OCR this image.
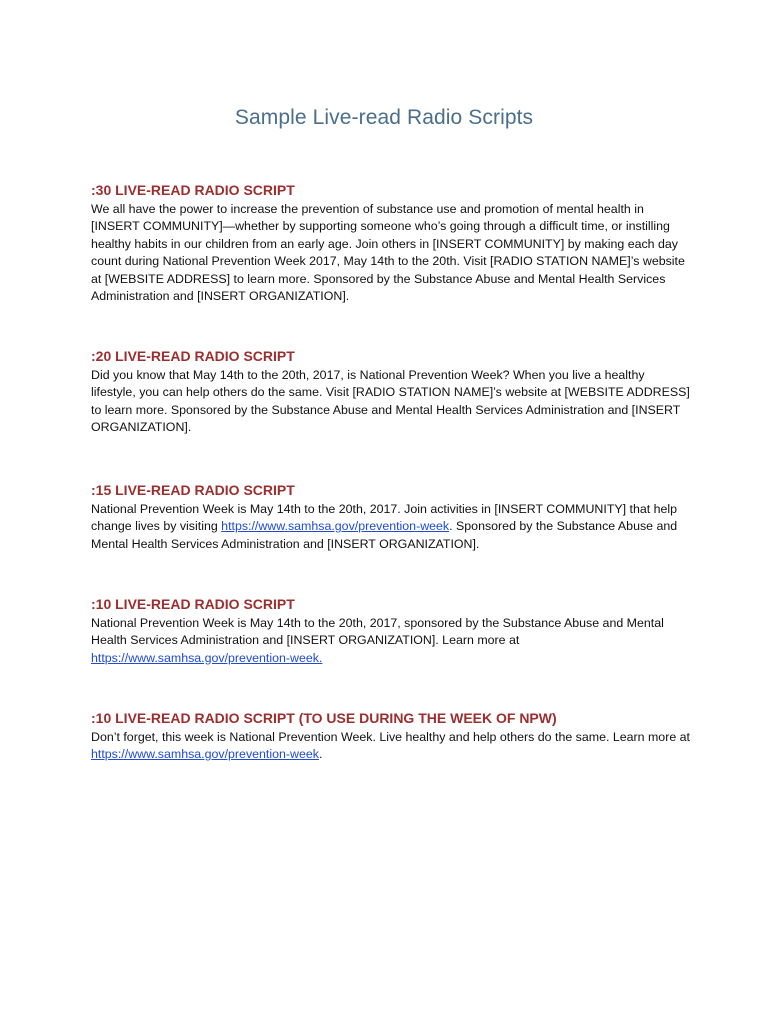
Sample Live-read Radio Scripts
:30 LIVE-READ RADIO SCRIPT

We all have the power to increase the prevention of substance use and promotion of mental health in [INSERT COMMUNITY]—whether by supporting someone who’s going through a difficult time, or instilling healthy habits in our children from an early age. Join others in [INSERT COMMUNITY] by making each day count during National Prevention Week 2017, May 14th to the 20th. Visit [RADIO STATION NAME]’s website at [WEBSITE ADDRESS] to learn more. Sponsored by the Substance Abuse and Mental Health Services Administration and [INSERT ORGANIZATION].

:20 LIVE-READ RADIO SCRIPT

Did you know that May 14th to the 20th, 2017, is National Prevention Week? When you live a healthy lifestyle, you can help others do the same. Visit [RADIO STATION NAME]’s website at [WEBSITE ADDRESS] to learn more. Sponsored by the Substance Abuse and Mental Health Services Administration and [INSERT ORGANIZATION].

:15 LIVE-READ RADIO SCRIPT

National Prevention Week is May 14th to the 20th, 2017. Join activities in [INSERT COMMUNITY] that help change lives by visiting https://www.samhsa.gov/prevention-week. Sponsored by the Substance Abuse and Mental Health Services Administration and [INSERT ORGANIZATION].

:10 LIVE-READ RADIO SCRIPT

National Prevention Week is May 14th to the 20th, 2017, sponsored by the Substance Abuse and Mental Health Services Administration and [INSERT ORGANIZATION]. Learn more at https://www.samhsa.gov/prevention-week.

:10 LIVE-READ RADIO SCRIPT (TO USE DURING THE WEEK OF NPW)

Don’t forget, this week is National Prevention Week. Live healthy and help others do the same. Learn more at https://www.samhsa.gov/prevention-week.
